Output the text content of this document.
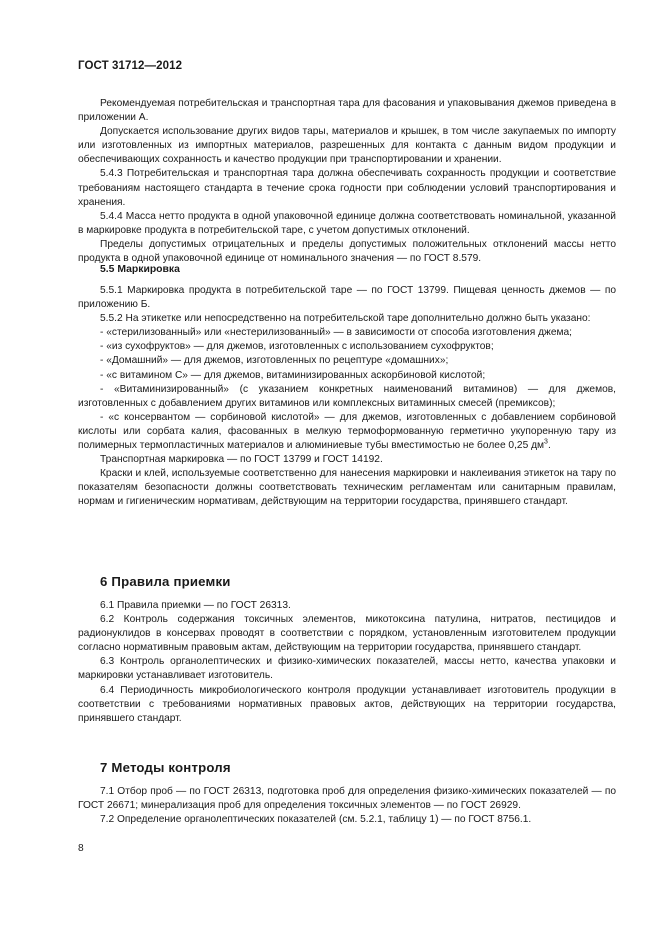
ГОСТ 31712—2012

Рекомендуемая потребительская и транспортная тара для фасования и упаковывания джемов приведена в приложении А.

Допускается использование других видов тары, материалов и крышек, в том числе закупаемых по импорту или изготовленных из импортных материалов, разрешенных для контакта с данным видом продукции и обеспечивающих сохранность и качество продукции при транспортировании и хранении.

5.4.3 Потребительская и транспортная тара должна обеспечивать сохранность продукции и соответствие требованиям настоящего стандарта в течение срока годности при соблюдении условий транспортирования и хранения.

5.4.4 Масса нетто продукта в одной упаковочной единице должна соответствовать номинальной, указанной в маркировке продукта в потребительской таре, с учетом допустимых отклонений.

Пределы допустимых отрицательных и пределы допустимых положительных отклонений массы нетто продукта в одной упаковочной единице от номинального значения — по ГОСТ 8.579.

5.5 Маркировка

5.5.1 Маркировка продукта в потребительской таре — по ГОСТ 13799. Пищевая ценность джемов — по приложению Б.

5.5.2 На этикетке или непосредственно на потребительской таре дополнительно должно быть указано:

- «стерилизованный» или «нестерилизованный» — в зависимости от способа изготовления джема;

- «из сухофруктов» — для джемов, изготовленных с использованием сухофруктов;

- «Домашний» — для джемов, изготовленных по рецептуре «домашних»;

- «с витамином С» — для джемов, витаминизированных аскорбиновой кислотой;

- «Витаминизированный» (с указанием конкретных наименований витаминов) — для джемов, изготовленных с добавлением других витаминов или комплексных витаминных смесей (премиксов);

- «с консервантом — сорбиновой кислотой» — для джемов, изготовленных с добавлением сорбиновой кислоты или сорбата калия, фасованных в мелкую термоформованную герметично укупоренную тару из полимерных термопластичных материалов и алюминиевые тубы вместимостью не более 0,25 $дм^3$.

Транспортная маркировка — по ГОСТ 13799 и ГОСТ 14192.

Краски и клей, используемые соответственно для нанесения маркировки и наклеивания этикеток на тару по показателям безопасности должны соответствовать техническим регламентам или санитарным правилам, нормам и гигиеническим нормативам, действующим на территории государства, принявшего стандарт.

6 Правила приемки

6.1 Правила приемки — по ГОСТ 26313.

6.2 Контроль содержания токсичных элементов, микотоксина патулина, нитратов, пестицидов и радионуклидов в консервах проводят в соответствии с порядком, установленным изготовителем продукции согласно нормативным правовым актам, действующим на территории государства, принявшего стандарт.

6.3 Контроль органолептических и физико-химических показателей, массы нетто, качества упаковки и маркировки устанавливает изготовитель.

6.4 Периодичность микробиологического контроля продукции устанавливает изготовитель продукции в соответствии с требованиями нормативных правовых актов, действующих на территории государства, принявшего стандарт.

7 Методы контроля

7.1 Отбор проб — по ГОСТ 26313, подготовка проб для определения физико-химических показателей — по ГОСТ 26671; минерализация проб для определения токсичных элементов — по ГОСТ 26929.

7.2 Определение органолептических показателей (см. 5.2.1, таблицу 1) — по ГОСТ 8756.1.

8
